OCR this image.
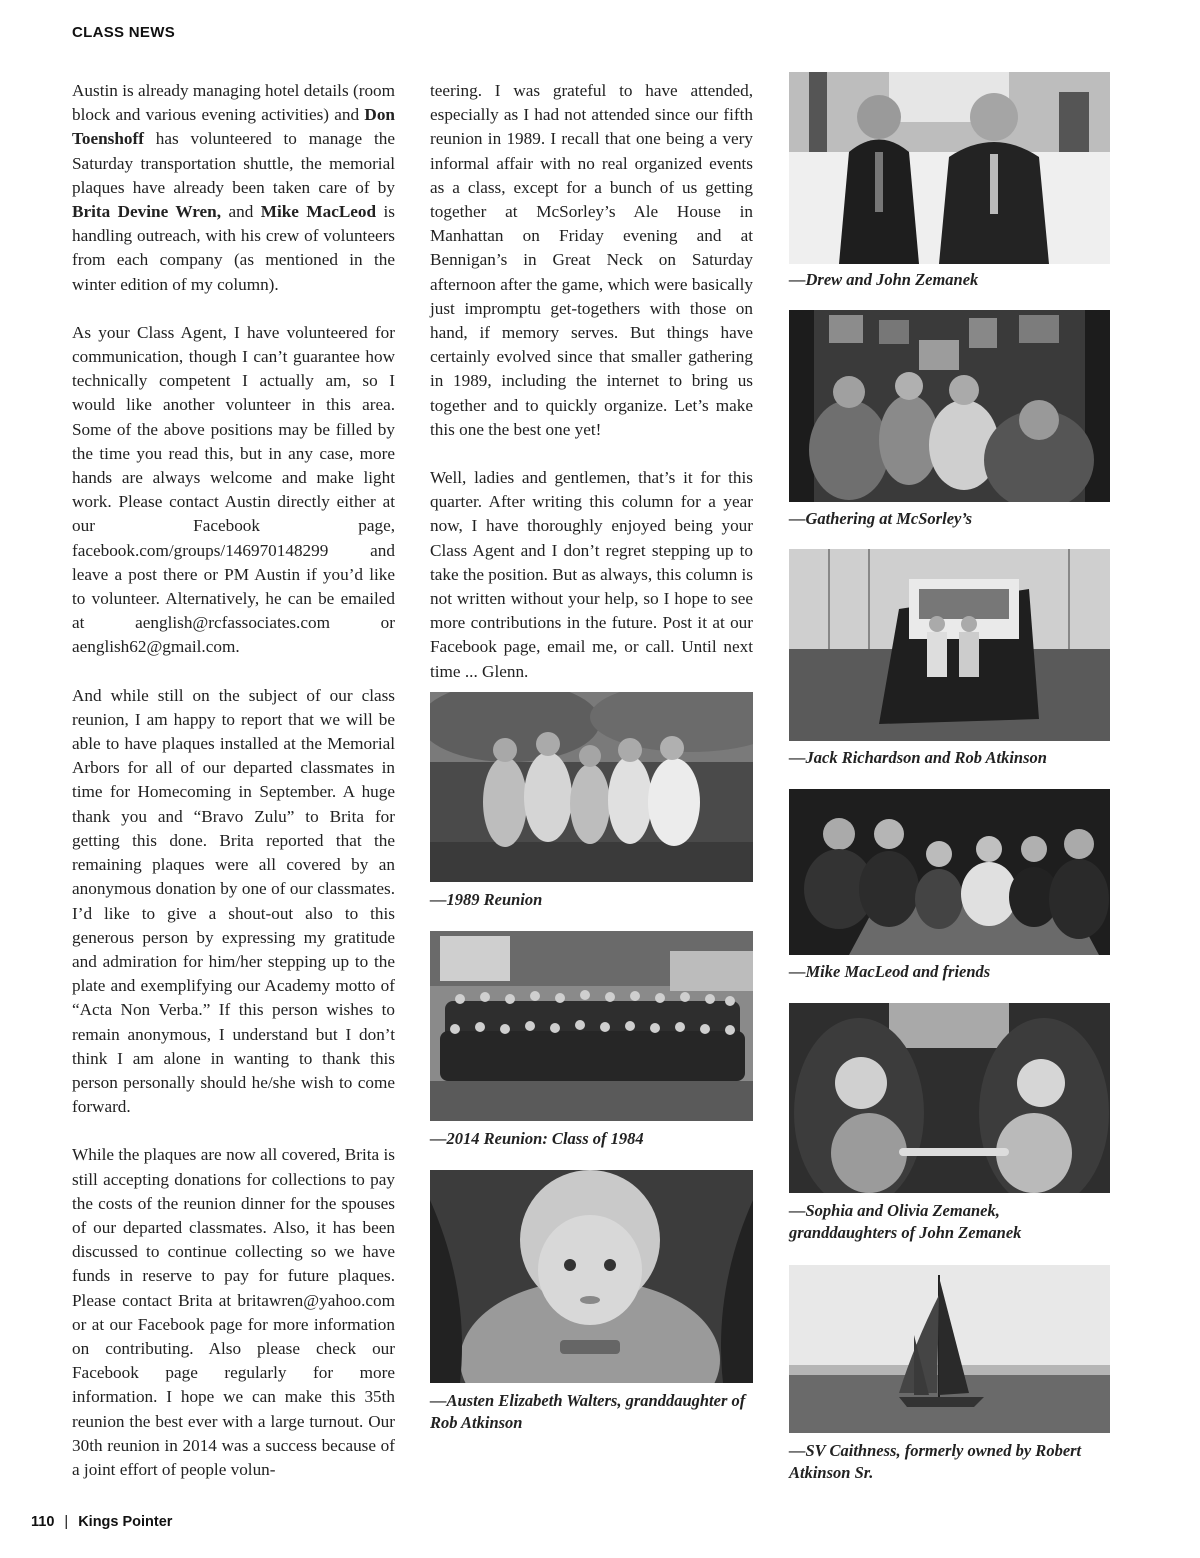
CLASS NEWS

Austin is already managing hotel details (room block and various evening activities) and Don Toenshoff has volunteered to manage the Saturday transportation shuttle, the memorial plaques have already been taken care of by Brita Devine Wren, and Mike MacLeod is handling outreach, with his crew of volunteers from each company (as mentioned in the winter edition of my column).

As your Class Agent, I have volunteered for communication, though I can’t guarantee how technically competent I actually am, so I would like another volunteer in this area. Some of the above positions may be filled by the time you read this, but in any case, more hands are always welcome and make light work. Please contact Austin directly either at our Facebook page, facebook.com/groups/146970148299 and leave a post there or PM Austin if you’d like to volunteer. Alternatively, he can be emailed at aenglish@rcfassociates.com or aenglish62@gmail.com.

And while still on the subject of our class reunion, I am happy to report that we will be able to have plaques installed at the Memorial Arbors for all of our departed classmates in time for Homecoming in September. A huge thank you and “Bravo Zulu” to Brita for getting this done. Brita reported that the remaining plaques were all covered by an anonymous donation by one of our classmates. I’d like to give a shout-out also to this generous person by expressing my gratitude and admiration for him/her stepping up to the plate and exemplifying our Academy motto of “Acta Non Verba.” If this person wishes to remain anonymous, I understand but I don’t think I am alone in wanting to thank this person personally should he/she wish to come forward.

While the plaques are now all covered, Brita is still accepting donations for collections to pay the costs of the reunion dinner for the spouses of our departed classmates. Also, it has been discussed to continue collecting so we have funds in reserve to pay for future plaques. Please contact Brita at britawren@yahoo.com or at our Facebook page for more information on contributing. Also please check our Facebook page regularly for more information. I hope we can make this 35th reunion the best ever with a large turnout. Our 30th reunion in 2014 was a success because of a joint effort of people volun-

teering. I was grateful to have attended, especially as I had not attended since our fifth reunion in 1989. I recall that one being a very informal affair with no real organized events as a class, except for a bunch of us getting together at McSorley’s Ale House in Manhattan on Friday evening and at Bennigan’s in Great Neck on Saturday afternoon after the game, which were basically just impromptu get-togethers with those on hand, if memory serves. But things have certainly evolved since that smaller gathering in 1989, including the internet to bring us together and to quickly organize. Let’s make this one the best one yet!

Well, ladies and gentlemen, that’s it for this quarter. After writing this column for a year now, I have thoroughly enjoyed being your Class Agent and I don’t regret stepping up to take the position. But as always, this column is not written without your help, so I hope to see more contributions in the future. Post it at our Facebook page, email me, or call. Until next time ... Glenn.

—1989 Reunion
—2014 Reunion: Class of 1984
—Austen Elizabeth Walters, granddaughter of Rob Atkinson
—Drew and John Zemanek
—Gathering at McSorley’s
—Jack Richardson and Rob Atkinson
—Mike MacLeod and friends
—Sophia and Olivia Zemanek, granddaughters of John Zemanek
—SV Caithness, formerly owned by Robert Atkinson Sr.
110 | Kings Pointer
